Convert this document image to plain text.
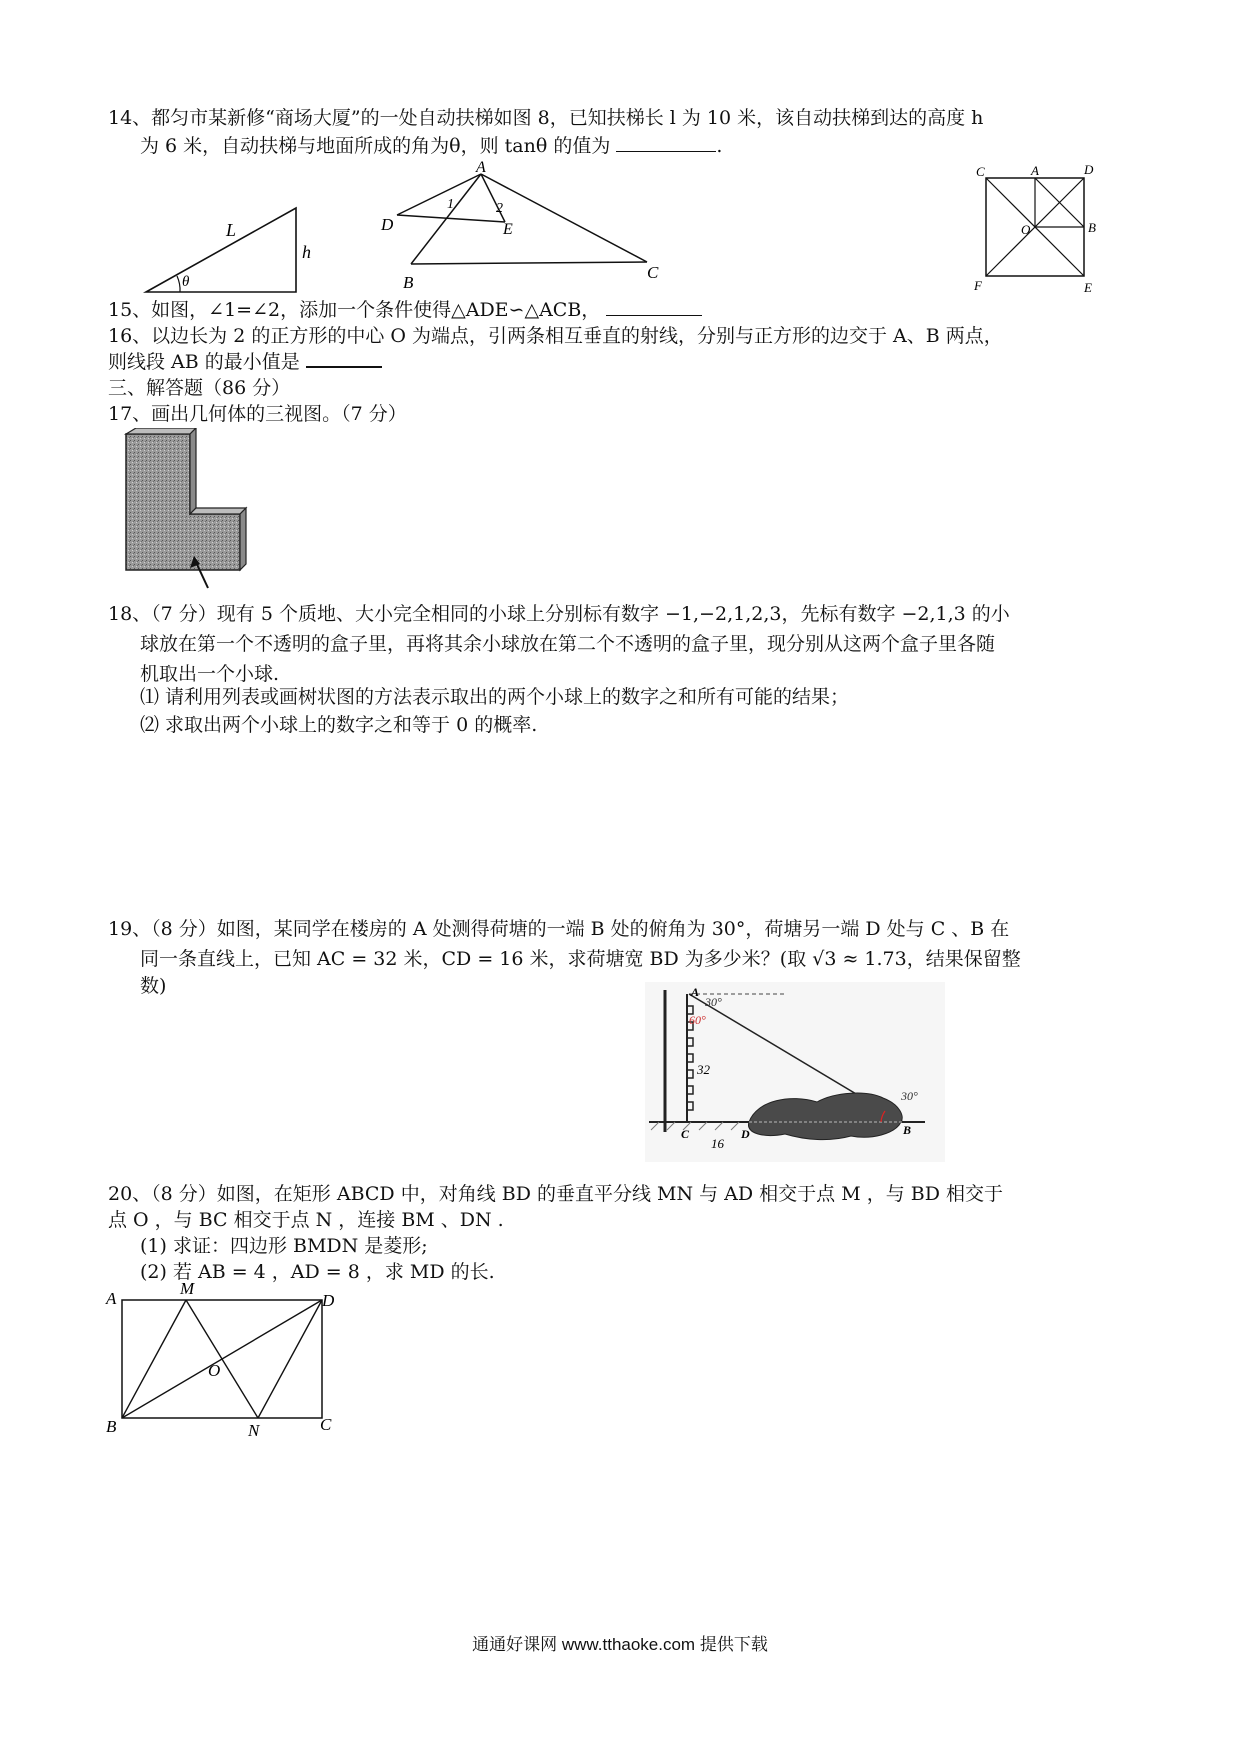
14、都匀市某新修“商场大厦”的一处自动扶梯如图 8，已知扶梯长 l 为 10 米，该自动扶梯到达的高度 h
为 6 米，自动扶梯与地面所成的角为θ，则 tanθ 的值为	.
L
h
θ
A
D	E
B
C
1	2
C	A	D
O	B
F	E
15、如图，∠1=∠2，添加一个条件使得△ADE∽△ACB，
16、以边长为 2 的正方形的中心 O 为端点，引两条相互垂直的射线，分别与正方形的边交于 A、B 两点，
则线段 AB 的最小值是
三、解答题（86 分）
17、画出几何体的三视图。（7 分）
18、（7 分）现有 5 个质地、大小完全相同的小球上分别标有数字 −1,−2,1,2,3，先标有数字 −2,1,3 的小
球放在第一个不透明的盒子里，再将其余小球放在第二个不透明的盒子里，现分别从这两个盒子里各随
机取出一个小球.
⑴ 请利用列表或画树状图的方法表示取出的两个小球上的数字之和所有可能的结果；
⑵ 求取出两个小球上的数字之和等于 0 的概率.
19、（8 分）如图，某同学在楼房的 A 处测得荷塘的一端 B 处的俯角为 30°，荷塘另一端 D 处与 C 、B 在
同一条直线上，已知 AC = 32 米，CD = 16 米，求荷塘宽 BD 为多少米？(取 √3 ≈ 1.73，结果保留整
数)	A
30°
60°
32
C	D
16
B
30°
20、（8 分）如图，在矩形 ABCD 中，对角线 BD 的垂直平分线 MN 与 AD 相交于点 M ，与 BD 相交于
点 O ，与 BC 相交于点 N ，连接 BM 、DN .
(1) 求证：四边形 BMDN 是菱形;
(2) 若 AB = 4 ，AD = 8 ，求 MD 的长.
A
M
D
O
B	N	C
通通好课网 www.tthaoke.com 提供下载
